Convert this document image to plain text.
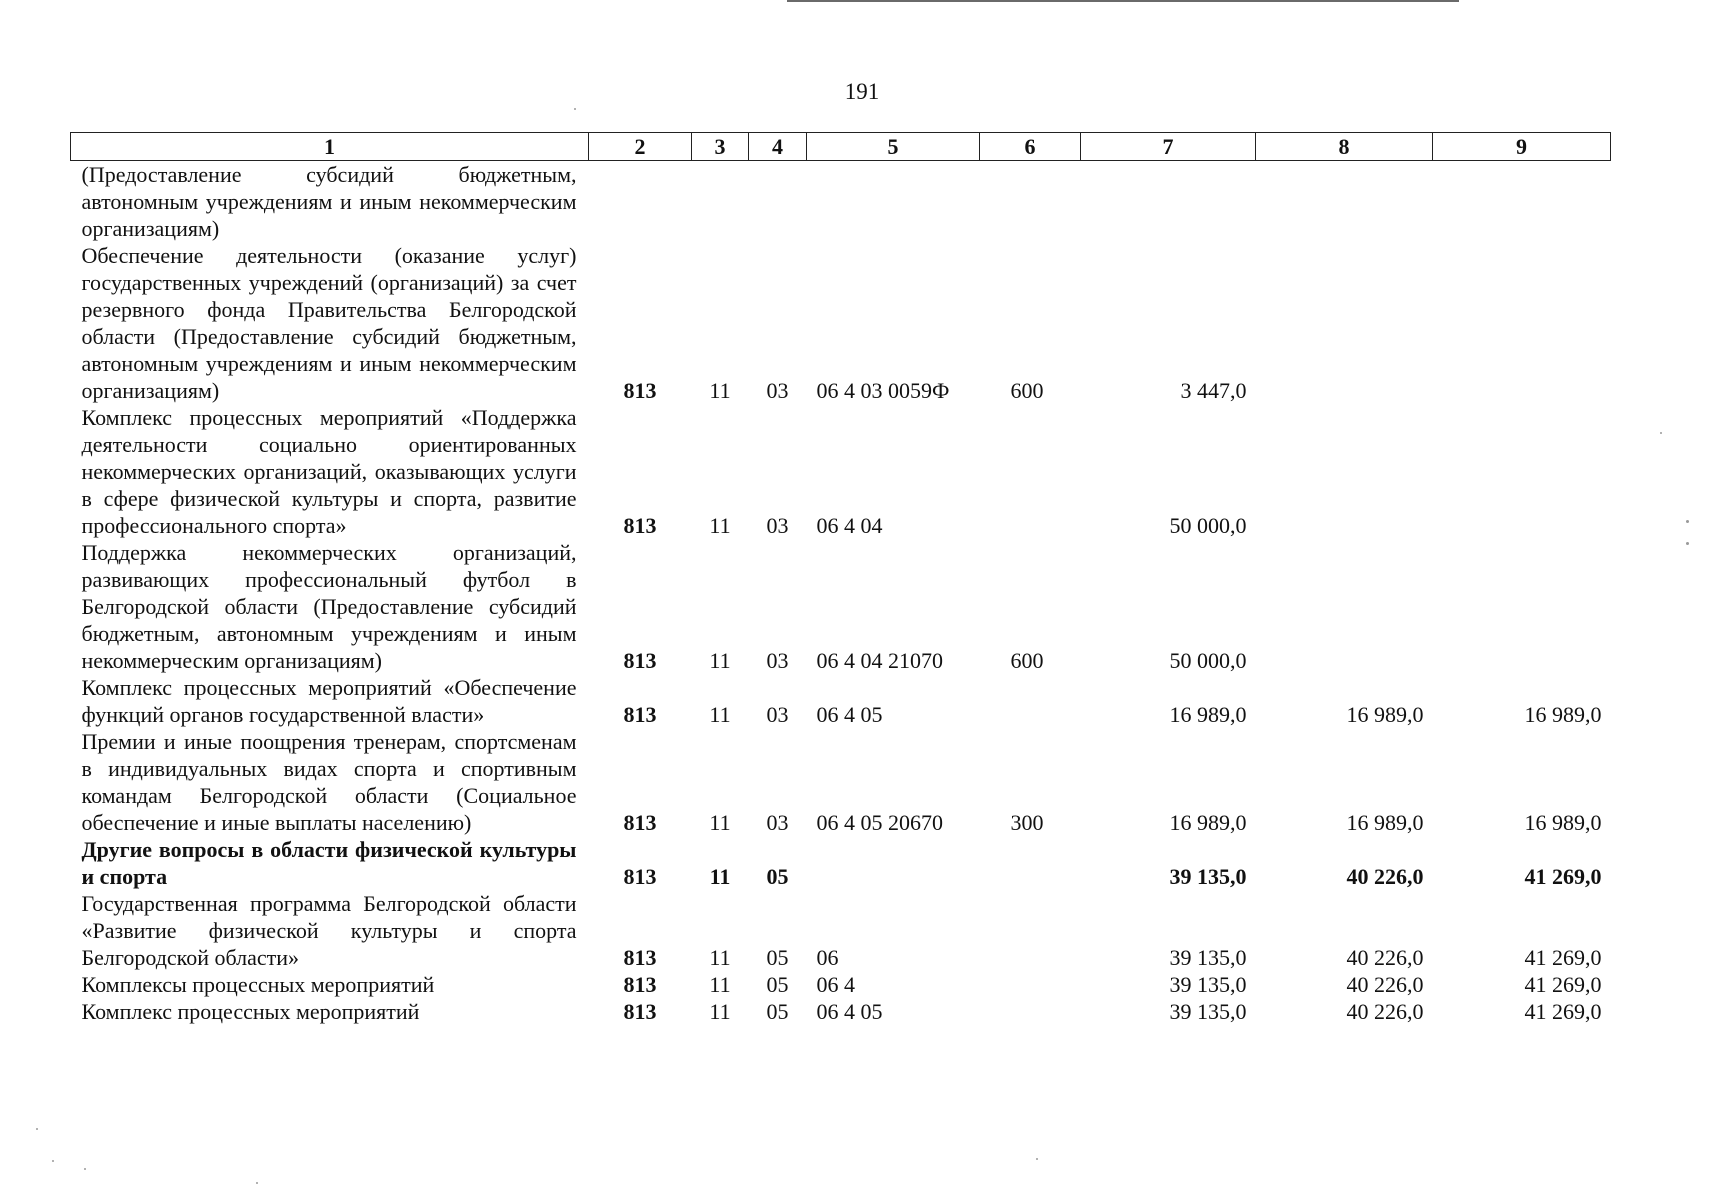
191
1	2	3	4	5	6	7	8	9
(Предоставление субсидий бюджетным, автономным учреждениям и иным некоммерческим организациям)								
Обеспечение деятельности (оказание услуг) государственных учреждений (организаций) за счет резервного фонда Правительства Белгородской области (Предоставление субсидий бюджетным, автономным учреждениям и иным некоммерческим организациям)	813	11	03	06 4 03 0059Ф	600	3 447,0		
Комплекс процессных мероприятий «Поддержка деятельности социально ориентированных некоммерческих организаций, оказывающих услуги в сфере физической культуры и спорта, развитие профессионального спорта»	813	11	03	06 4 04		50 000,0		
Поддержка некоммерческих организаций, развивающих профессиональный футбол в Белгородской области (Предоставление субсидий бюджетным, автономным учреждениям и иным некоммерческим организациям)	813	11	03	06 4 04 21070	600	50 000,0		
Комплекс процессных мероприятий «Обеспечение функций органов государственной власти»	813	11	03	06 4 05		16 989,0	16 989,0	16 989,0
Премии и иные поощрения тренерам, спортсменам в индивидуальных видах спорта и спортивным командам Белгородской области (Социальное обеспечение и иные выплаты населению)	813	11	03	06 4 05 20670	300	16 989,0	16 989,0	16 989,0
Другие вопросы в области физической культуры и спорта	813	11	05			39 135,0	40 226,0	41 269,0
Государственная программа Белгородской области «Развитие физической культуры и спорта Белгородской области»	813	11	05	06		39 135,0	40 226,0	41 269,0
Комплексы процессных мероприятий	813	11	05	06 4		39 135,0	40 226,0	41 269,0
Комплекс процессных мероприятий	813	11	05	06 4 05		39 135,0	40 226,0	41 269,0
